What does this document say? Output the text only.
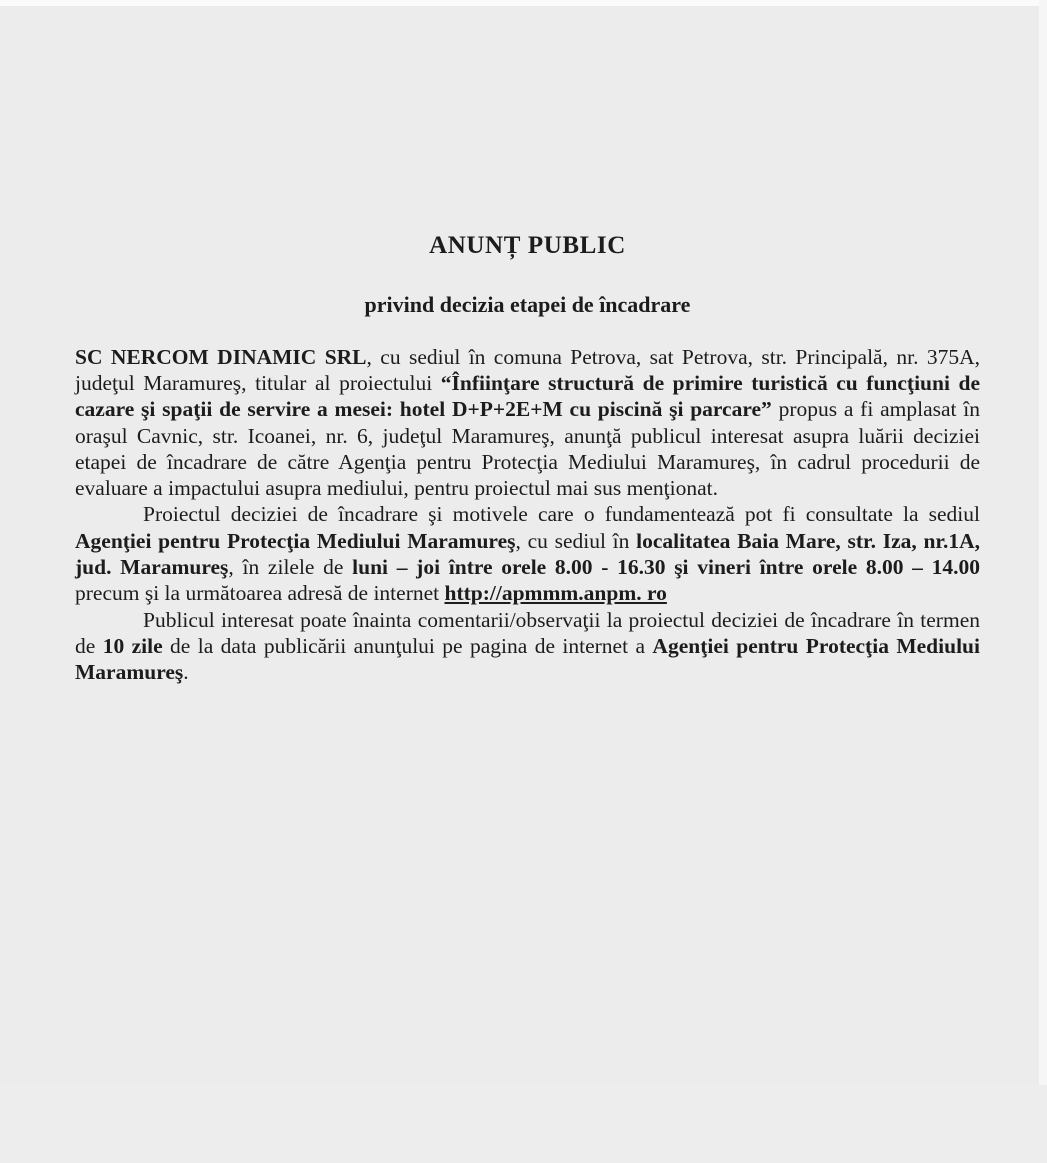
ANUNȚ PUBLIC
privind decizia etapei de încadrare

SC NERCOM DINAMIC SRL, cu sediul în comuna Petrova, sat Petrova, str. Principală, nr. 375A, judeţul Maramureş, titular al proiectului “Înfiinţare structură de primire turistică cu funcţiuni de cazare şi spaţii de servire a mesei: hotel D+P+2E+M cu piscină şi parcare” propus a fi amplasat în oraşul Cavnic, str. Icoanei, nr. 6, judeţul Maramureş, anunţă publicul interesat asupra luării deciziei etapei de încadrare de către Agenţia pentru Protecţia Mediului Maramureş, în cadrul procedurii de evaluare a impactului asupra mediului, pentru proiectul mai sus menţionat.

Proiectul deciziei de încadrare şi motivele care o fundamentează pot fi consultate la sediul Agenţiei pentru Protecţia Mediului Maramureş, cu sediul în localitatea Baia Mare, str. Iza, nr.1A, jud. Maramureş, în zilele de luni – joi între orele 8.00 - 16.30 şi vineri între orele 8.00 – 14.00 precum şi la următoarea adresă de internet http://apmmm.anpm. ro

Publicul interesat poate înainta comentarii/observaţii la proiectul deciziei de încadrare în termen de 10 zile de la data publicării anunţului pe pagina de internet a Agenţiei pentru Protecţia Mediului Maramureş.
